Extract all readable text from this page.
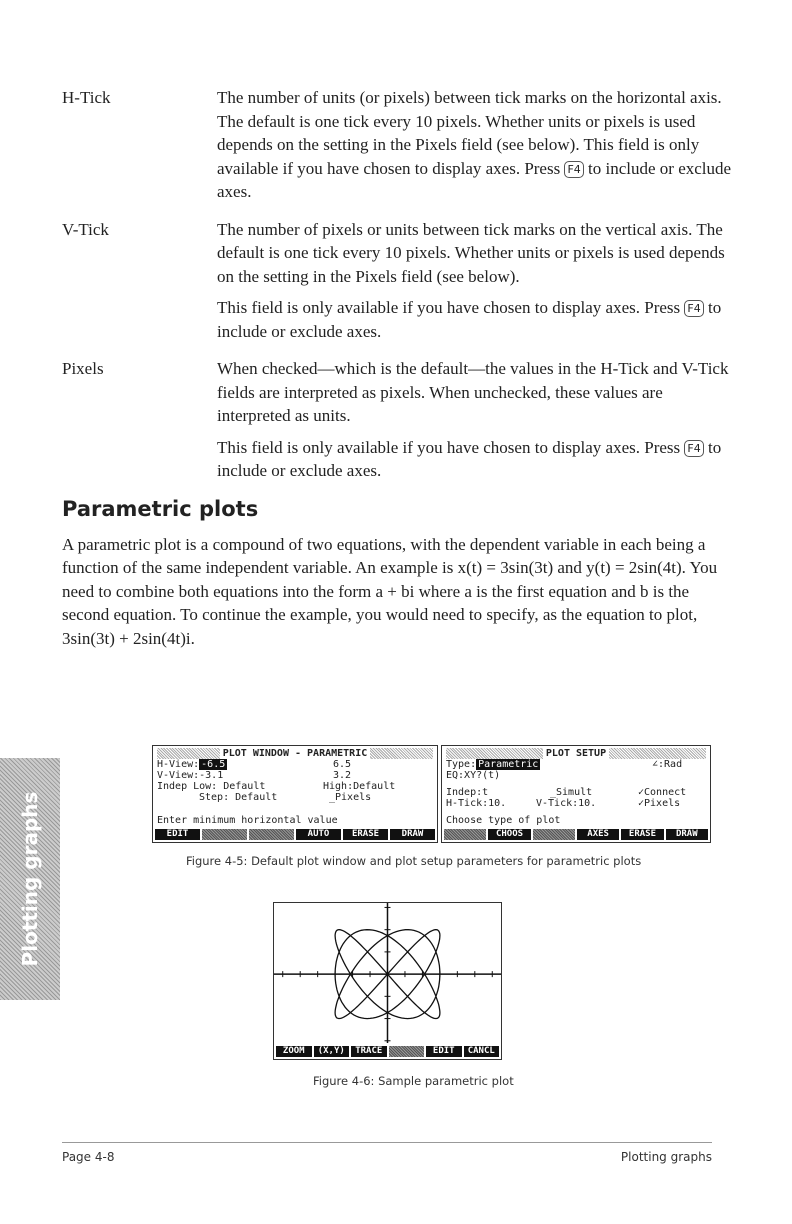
H-Tick	The number of units (or pixels) between tick marks on the horizontal axis. The default is one tick every 10 pixels. Whether units or pixels is used depends on the setting in the Pixels field (see below). This field is only available if you have chosen to display axes. Press F4 to include or exclude axes.

V-Tick	The number of pixels or units between tick marks on the vertical axis. The default is one tick every 10 pixels. Whether units or pixels is used depends on the setting in the Pixels field (see below).

This field is only available if you have chosen to display axes. Press F4 to include or exclude axes.

Pixels	When checked—which is the default—the values in the H-Tick and V-Tick fields are interpreted as pixels. When unchecked, these values are interpreted as units.

This field is only available if you have chosen to display axes. Press F4 to include or exclude axes.

Parametric plots
A parametric plot is a compound of two equations, with the dependent variable in each being a function of the same independent variable. An example is x(t) = 3sin(3t) and y(t) = 2sin(4t). You need to combine both equations into the form a + bi where a is the first equation and b is the second equation. To continue the example, you would need to specify, as the equation to plot, 3sin(3t) + 2sin(4t)i.
PLOT WINDOW - PARAMETRIC
H-View: -6.5	6.5
V-View:-3.1	3.2
Indep Low: Default	High:Default
Step: Default	_Pixels
Enter minimum horizontal value
EDIT	AUTO	ERASE	DRAW
PLOT SETUP
Type: Parametric	∠:Rad
EQ:XY?(t)
Indep:t	_Simult	✓Connect
H-Tick:10.	V-Tick:10.	✓Pixels
Choose type of plot
CHOOS	AXES	ERASE	DRAW
Figure 4-5: Default plot window and plot setup parameters for parametric plots
ZOOM	(X,Y)	TRACE	EDIT	CANCL
Figure 4-6: Sample parametric plot
Page 4-8	Plotting graphs
Plotting graphs
